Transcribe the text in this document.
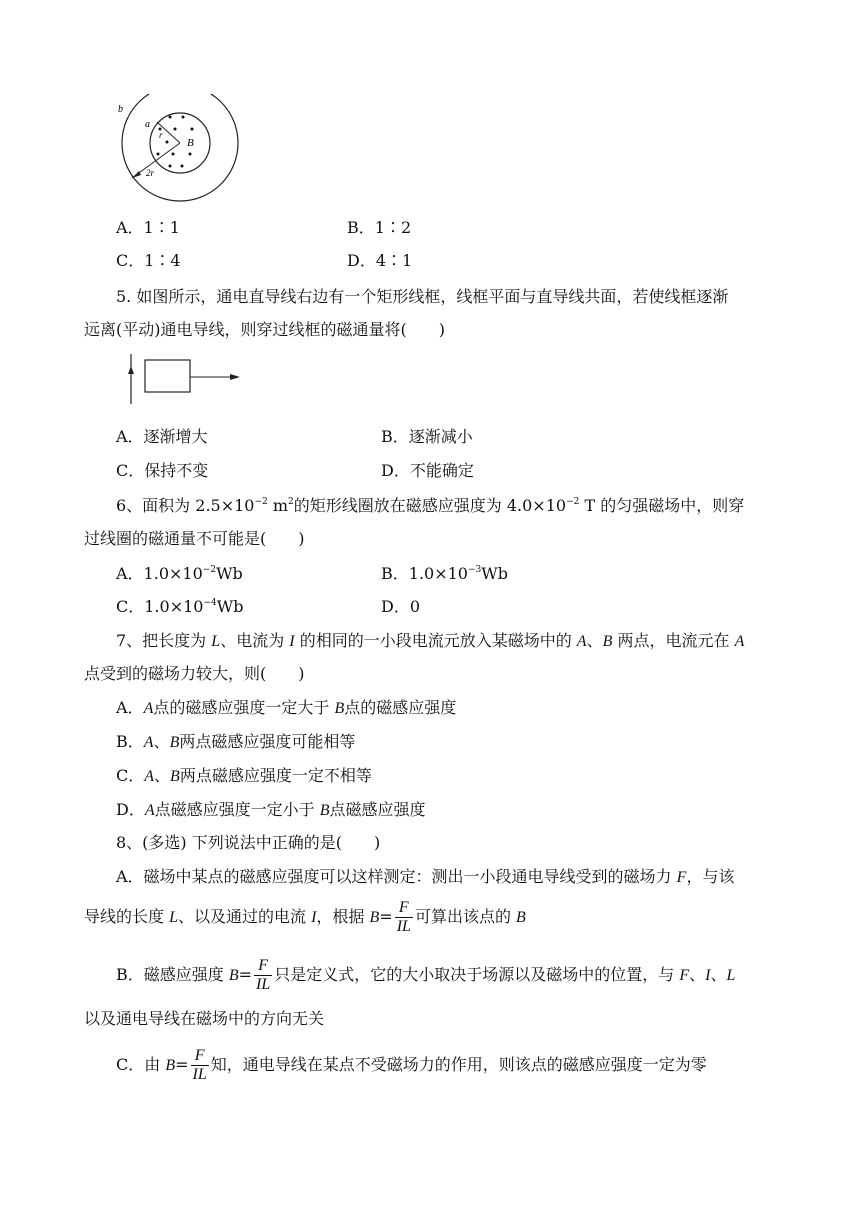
b
a
r
B
2r
A．1∶1	B．1∶2
C．1∶4	D．4∶1
5. 如图所示，通电直导线右边有一个矩形线框，线框平面与直导线共面，若使线框逐渐
远离(平动)通电导线，则穿过线框的磁通量将(　　)
A．逐渐增大	B．逐渐减小
C．保持不变	D．不能确定
6、面积为 $2.5\times 10^{-2}$ $m^2$的矩形线圈放在磁感应强度为 $4.0\times 10^{-2}$ T 的匀强磁场中，则穿
过线圈的磁通量不可能是(　　)
A．$1.0\times 10^{-2}Wb$	B．$1.0\times 10^{-3}Wb$
C．$1.0\times 10^{-4}Wb$	D．0
7、把长度为 L、电流为 I 的相同的一小段电流元放入某磁场中的 A、B 两点，电流元在 A
点受到的磁场力较大，则(　　)
A．A点的磁感应强度一定大于 B点的磁感应强度
B．A、B两点磁感应强度可能相等
C．A、B两点磁感应强度一定不相等
D．A点磁感应强度一定小于 B点磁感应强度
8、(多选) 下列说法中正确的是(　　)
A．磁场中某点的磁感应强度可以这样测定：测出一小段通电导线受到的磁场力 F，与该
导线的长度 L、以及通过的电流 I，根据 $B= \frac{F}{IL}$ 可算出该点的 B
B．磁感应强度 $B= \frac{F}{IL}$ 只是定义式，它的大小取决于场源以及磁场中的位置，与 F、I、L
以及通电导线在磁场中的方向无关
C．由 $B= \frac{F}{IL}$ 知，通电导线在某点不受磁场力的作用，则该点的磁感应强度一定为零
